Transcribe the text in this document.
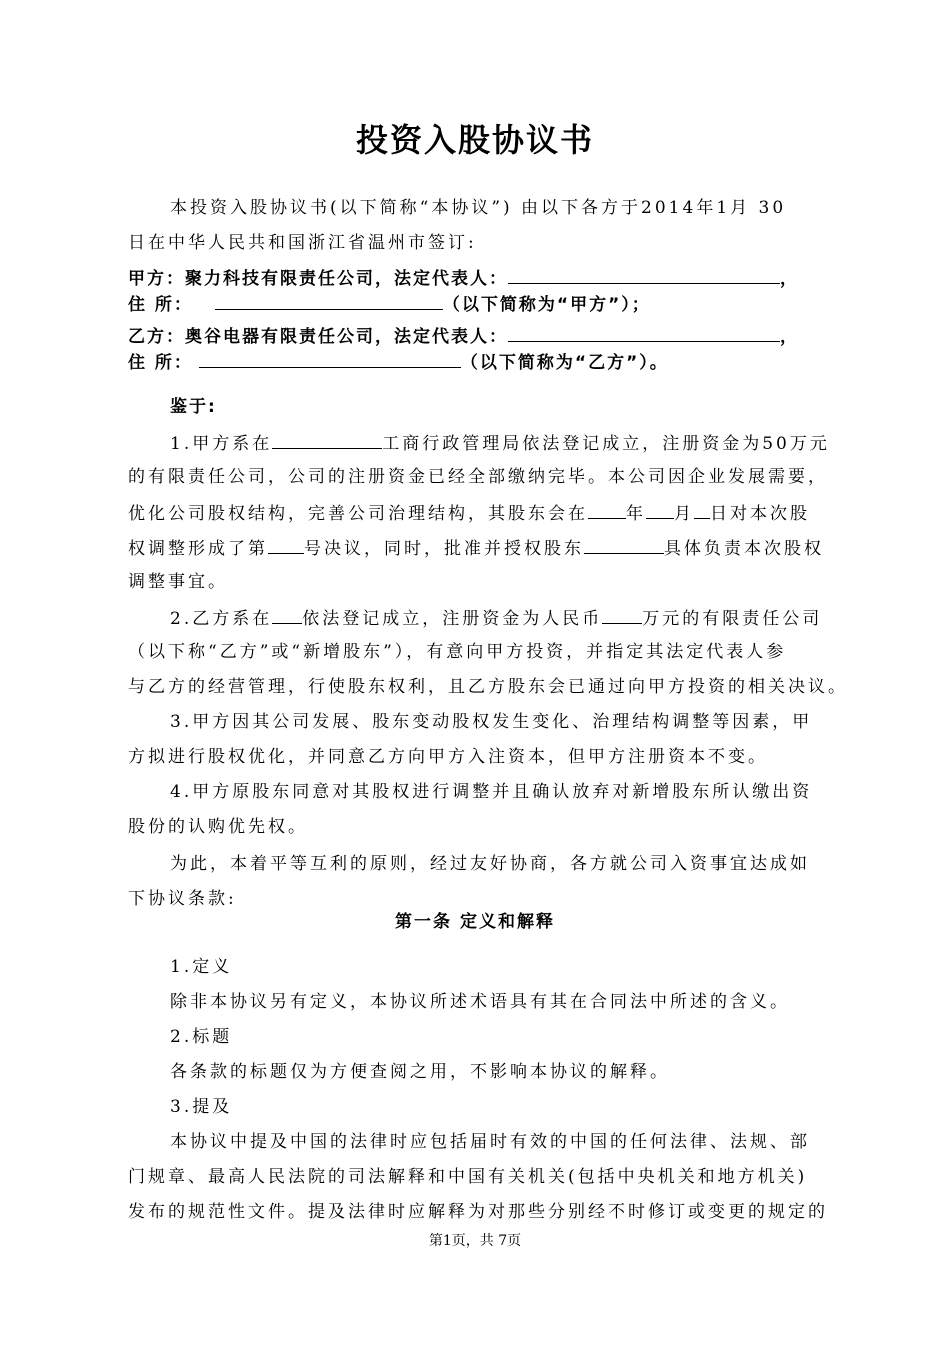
投资入股协议书
本投资入股协议书(以下简称“本协议”) 由以下各方于2014年1月 30
日在中华人民共和国浙江省温州市签订:
甲方：聚力科技有限责任公司，法定代表人：	，
住 所：	（以下简称为“甲方”）；
乙方：奥谷电器有限责任公司，法定代表人：	，
住 所：	（以下简称为“乙方”）。
鉴于:
1.甲方系在	工商行政管理局依法登记成立，注册资金为50万元
的有限责任公司，公司的注册资金已经全部缴纳完毕。本公司因企业发展需要，
优化公司股权结构，完善公司治理结构，其股东会在 年 月 日对本次股
权调整形成了第 号决议，同时，批准并授权股东	具体负责本次股权
调整事宜。
2.乙方系在 依法登记成立，注册资金为人民币 万元的有限责任公司
（以下称“乙方”或“新增股东”），有意向甲方投资，并指定其法定代表人参
与乙方的经营管理，行使股东权利，且乙方股东会已通过向甲方投资的相关决议。
3.甲方因其公司发展、股东变动股权发生变化、治理结构调整等因素，甲
方拟进行股权优化，并同意乙方向甲方入注资本，但甲方注册资本不变。
4.甲方原股东同意对其股权进行调整并且确认放弃对新增股东所认缴出资
股份的认购优先权。
为此，本着平等互利的原则，经过友好协商，各方就公司入资事宜达成如
下协议条款:
第一条 定义和解释
1.定义
除非本协议另有定义，本协议所述术语具有其在合同法中所述的含义。
2.标题
各条款的标题仅为方便查阅之用，不影响本协议的解释。
3.提及
本协议中提及中国的法律时应包括届时有效的中国的任何法律、法规、部
门规章、最高人民法院的司法解释和中国有关机关(包括中央机关和地方机关)
发布的规范性文件。提及法律时应解释为对那些分别经不时修订或变更的规定的
第1页，共 7页
